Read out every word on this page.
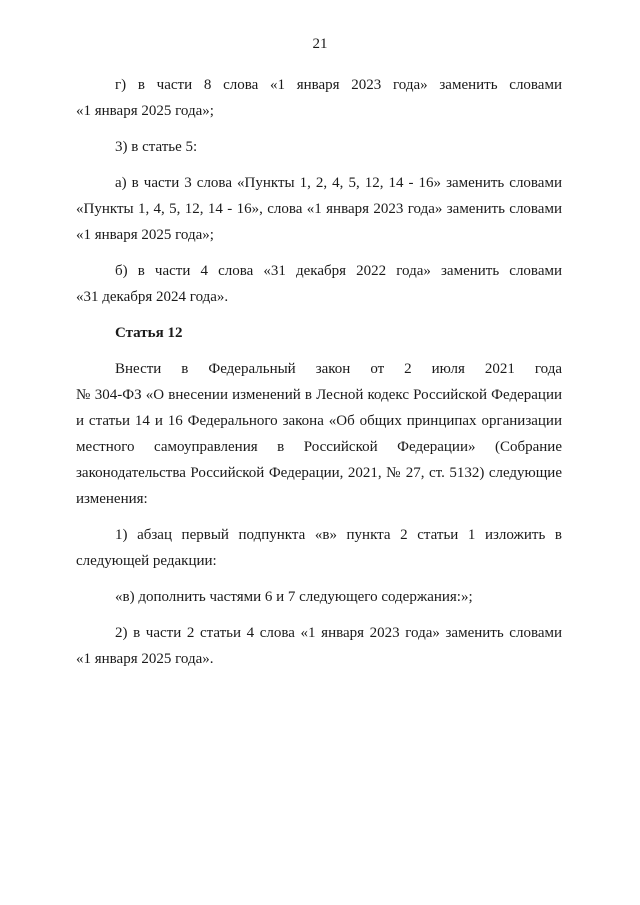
21
г) в части 8 слова «1 января 2023 года» заменить словами
«1 января 2025 года»;
3) в статье 5:
а) в части 3 слова «Пункты 1, 2, 4, 5, 12, 14 - 16» заменить словами
«Пункты 1, 4, 5, 12, 14 - 16», слова «1 января 2023 года» заменить словами
«1 января 2025 года»;
б) в части 4 слова «31 декабря 2022 года» заменить словами
«31 декабря 2024 года».
Статья 12
Внести в Федеральный закон от 2 июля 2021 года
№ 304-ФЗ «О внесении изменений в Лесной кодекс Российской Федерации
и статьи 14 и 16 Федерального закона «Об общих принципах организации
местного самоуправления в Российской Федерации» (Собрание
законодательства Российской Федерации, 2021, № 27, ст. 5132) следующие
изменения:
1) абзац первый подпункта «в» пункта 2 статьи 1 изложить в
следующей редакции:
«в) дополнить частями 6 и 7 следующего содержания:»;
2) в части 2 статьи 4 слова «1 января 2023 года» заменить словами
«1 января 2025 года».
